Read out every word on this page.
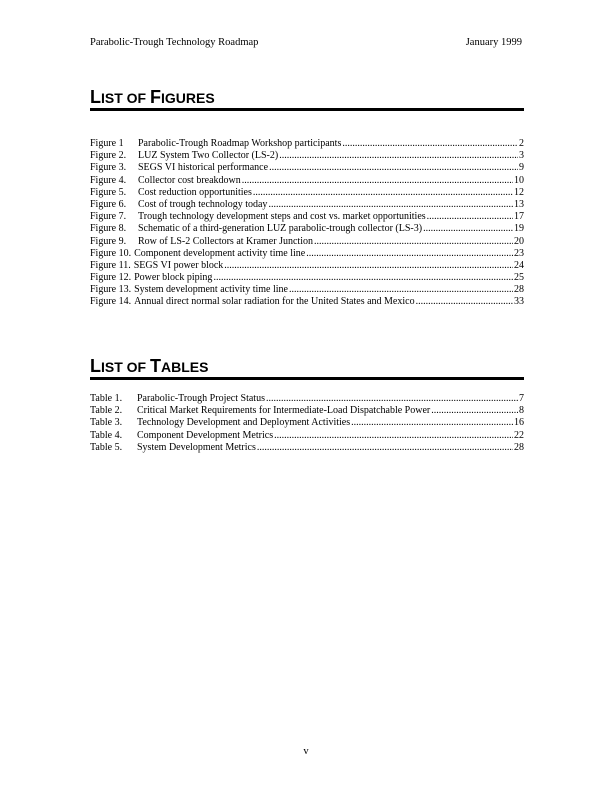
Parabolic-Trough Technology Roadmap	January 1999
LIST OF FIGURES
Figure 1	Parabolic-Trough Roadmap Workshop participants .....	2
Figure 2.	LUZ System Two Collector (LS-2) .....	3
Figure 3.	SEGS VI historical performance .....	9
Figure 4.	Collector cost breakdown .....	10
Figure 5.	Cost reduction opportunities .....	12
Figure 6.	Cost of trough technology today .....	13
Figure 7.	Trough technology development steps and cost vs. market opportunities .....	17
Figure 8.	Schematic of a third-generation LUZ parabolic-trough collector (LS-3) .....	19
Figure 9.	Row of LS-2 Collectors at Kramer Junction .....	20
Figure 10. Component development activity time line .....	23
Figure 11. SEGS VI power block .....	24
Figure 12. Power block piping .....	25
Figure 13. System development activity time line .....	28
Figure 14. Annual direct normal solar radiation for the United States and Mexico .....	33
LIST OF TABLES
Table 1.	Parabolic-Trough Project Status .....	7
Table 2.	Critical Market Requirements for Intermediate-Load Dispatchable Power .....	8
Table 3.	Technology Development and Deployment Activities .....	16
Table 4.	Component Development Metrics .....	22
Table 5.	System Development Metrics .....	28
v
